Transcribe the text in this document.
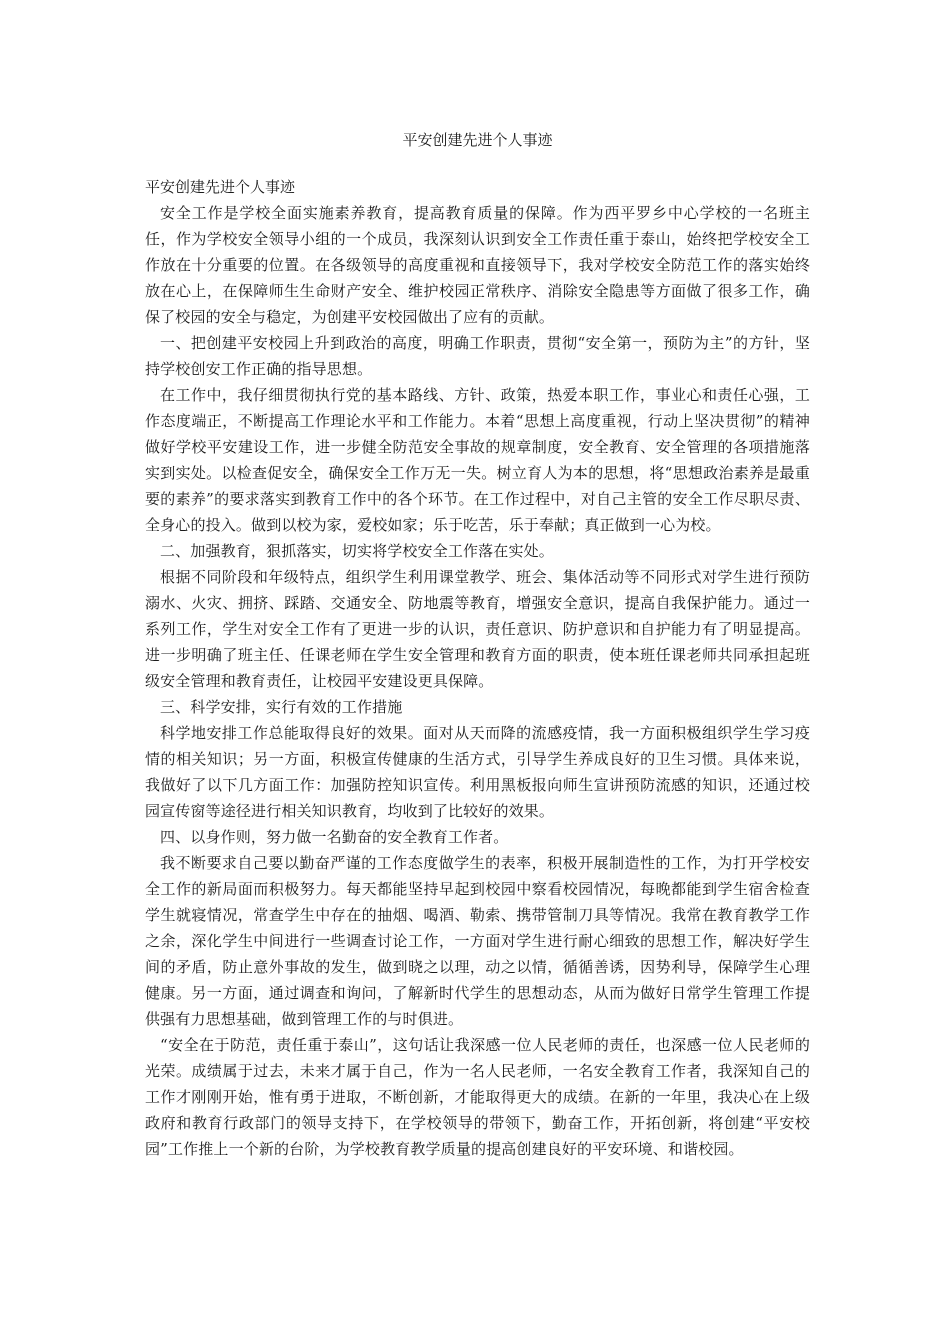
平安创建先进个人事迹

平安创建先进个人事迹

安全工作是学校全面实施素养教育，提高教育质量的保障。作为西平罗乡中心学校的一名班主任，作为学校安全领导小组的一个成员，我深刻认识到安全工作责任重于泰山，始终把学校安全工作放在十分重要的位置。在各级领导的高度重视和直接领导下，我对学校安全防范工作的落实始终放在心上，在保障师生生命财产安全、维护校园正常秩序、消除安全隐患等方面做了很多工作，确保了校园的安全与稳定，为创建平安校园做出了应有的贡献。

一、把创建平安校园上升到政治的高度，明确工作职责，贯彻“安全第一，预防为主”的方针，坚持学校创安工作正确的指导思想。

在工作中，我仔细贯彻执行党的基本路线、方针、政策，热爱本职工作，事业心和责任心强，工作态度端正，不断提高工作理论水平和工作能力。本着“思想上高度重视，行动上坚决贯彻”的精神做好学校平安建设工作，进一步健全防范安全事故的规章制度，安全教育、安全管理的各项措施落实到实处。以检查促安全，确保安全工作万无一失。树立育人为本的思想，将“思想政治素养是最重要的素养”的要求落实到教育工作中的各个环节。在工作过程中，对自己主管的安全工作尽职尽责、全身心的投入。做到以校为家，爱校如家；乐于吃苦，乐于奉献；真正做到一心为校。

二、加强教育，狠抓落实，切实将学校安全工作落在实处。

根据不同阶段和年级特点，组织学生利用课堂教学、班会、集体活动等不同形式对学生进行预防溺水、火灾、拥挤、踩踏、交通安全、防地震等教育，增强安全意识，提高自我保护能力。通过一系列工作，学生对安全工作有了更进一步的认识，责任意识、防护意识和自护能力有了明显提高。进一步明确了班主任、任课老师在学生安全管理和教育方面的职责，使本班任课老师共同承担起班级安全管理和教育责任，让校园平安建设更具保障。

三、科学安排，实行有效的工作措施

科学地安排工作总能取得良好的效果。面对从天而降的流感疫情，我一方面积极组织学生学习疫情的相关知识；另一方面，积极宣传健康的生活方式，引导学生养成良好的卫生习惯。具体来说，我做好了以下几方面工作：加强防控知识宣传。利用黑板报向师生宣讲预防流感的知识，还通过校园宣传窗等途径进行相关知识教育，均收到了比较好的效果。

四、以身作则，努力做一名勤奋的安全教育工作者。

我不断要求自己要以勤奋严谨的工作态度做学生的表率，积极开展制造性的工作，为打开学校安全工作的新局面而积极努力。每天都能坚持早起到校园中察看校园情况，每晚都能到学生宿舍检查学生就寝情况，常查学生中存在的抽烟、喝酒、勒索、携带管制刀具等情况。我常在教育教学工作之余，深化学生中间进行一些调查讨论工作，一方面对学生进行耐心细致的思想工作，解决好学生间的矛盾，防止意外事故的发生，做到晓之以理，动之以情，循循善诱，因势利导，保障学生心理健康。另一方面，通过调查和询问，了解新时代学生的思想动态，从而为做好日常学生管理工作提供强有力思想基础，做到管理工作的与时俱进。

“安全在于防范，责任重于泰山”，这句话让我深感一位人民老师的责任，也深感一位人民老师的光荣。成绩属于过去，未来才属于自己，作为一名人民老师，一名安全教育工作者，我深知自己的工作才刚刚开始，惟有勇于进取，不断创新，才能取得更大的成绩。在新的一年里，我决心在上级政府和教育行政部门的领导支持下，在学校领导的带领下，勤奋工作，开拓创新，将创建“平安校园”工作推上一个新的台阶，为学校教育教学质量的提高创建良好的平安环境、和谐校园。
